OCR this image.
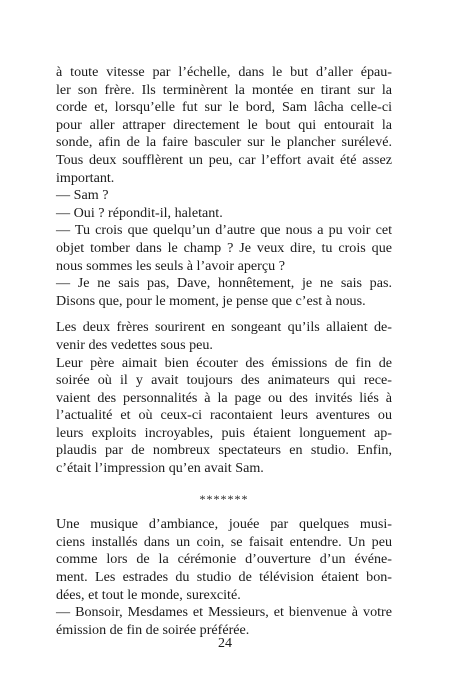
à toute vitesse par l’échelle, dans le but d’aller épau-
ler son frère. Ils terminèrent la montée en tirant sur la
corde et, lorsqu’elle fut sur le bord, Sam lâcha celle-ci
pour aller attraper directement le bout qui entourait la
sonde, afin de la faire basculer sur le plancher surélevé.
Tous deux soufflèrent un peu, car l’effort avait été assez
important.
— Sam ?
— Oui ? répondit-il, haletant.
— Tu crois que quelqu’un d’autre que nous a pu voir cet
objet tomber dans le champ ? Je veux dire, tu crois que
nous sommes les seuls à l’avoir aperçu ?
— Je ne sais pas, Dave, honnêtement, je ne sais pas.
Disons que, pour le moment, je pense que c’est à nous.
Les deux frères sourirent en songeant qu’ils allaient de-
venir des vedettes sous peu.
Leur père aimait bien écouter des émissions de fin de
soirée où il y avait toujours des animateurs qui rece-
vaient des personnalités à la page ou des invités liés à
l’actualité et où ceux-ci racontaient leurs aventures ou
leurs exploits incroyables, puis étaient longuement ap-
plaudis par de nombreux spectateurs en studio. Enfin,
c’était l’impression qu’en avait Sam.
*******
Une musique d’ambiance, jouée par quelques musi-
ciens installés dans un coin, se faisait entendre. Un peu
comme lors de la cérémonie d’ouverture d’un événe-
ment. Les estrades du studio de télévision étaient bon-
dées, et tout le monde, surexcité.
— Bonsoir, Mesdames et Messieurs, et bienvenue à votre
émission de fin de soirée préférée.
24
